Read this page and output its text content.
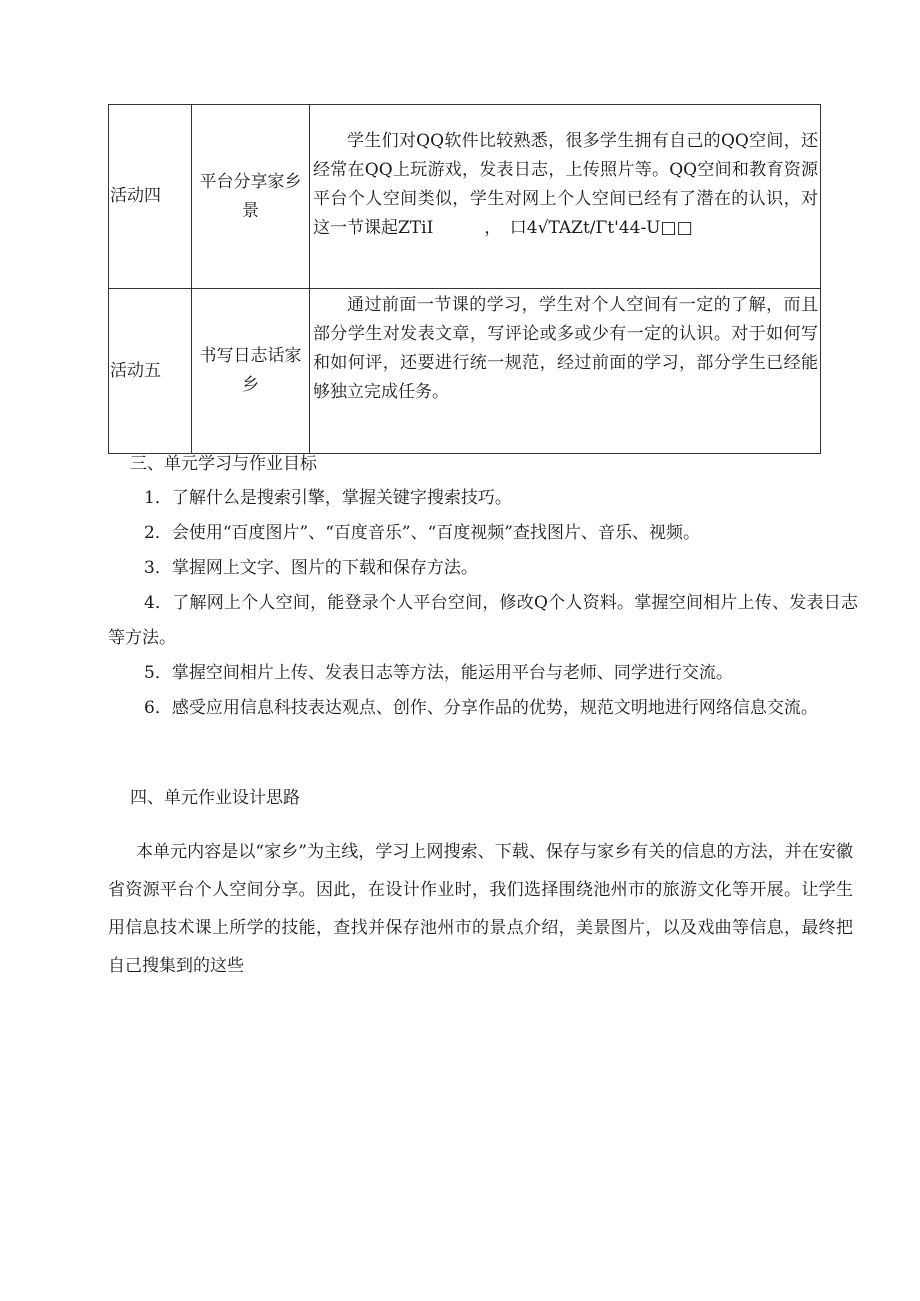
活动四	平台分享家乡景	学生们对QQ软件比较熟悉，很多学生拥有自己的QQ空间，还经常在QQ上玩游戏，发表日志，上传照片等。QQ空间和教育资源平台个人空间类似，学生对网上个人空间已经有了潜在的认识，对这一节课起ZTiI　　　，　口4√TAZt/Γt'44-U□□
活动五	书写日志话家乡	通过前面一节课的学习，学生对个人空间有一定的了解，而且部分学生对发表文章，写评论或多或少有一定的认识。对于如何写和如何评，还要进行统一规范，经过前面的学习，部分学生已经能够独立完成任务。
三、单元学习与作业目标
1．了解什么是搜索引擎，掌握关键字搜索技巧。
2．会使用“百度图片”、“百度音乐”、“百度视频”查找图片、音乐、视频。
3．掌握网上文字、图片的下载和保存方法。
4．了解网上个人空间，能登录个人平台空间，修改Q个人资料。掌握空间相片上传、发表日志等方法。
5．掌握空间相片上传、发表日志等方法，能运用平台与老师、同学进行交流。
6．感受应用信息科技表达观点、创作、分享作品的优势，规范文明地进行网络信息交流。
四、单元作业设计思路

本单元内容是以“家乡”为主线，学习上网搜索、下载、保存与家乡有关的信息的方法，并在安徽省资源平台个人空间分享。因此，在设计作业时，我们选择围绕池州市的旅游文化等开展。让学生用信息技术课上所学的技能，查找并保存池州市的景点介绍，美景图片，以及戏曲等信息，最终把自己搜集到的这些
